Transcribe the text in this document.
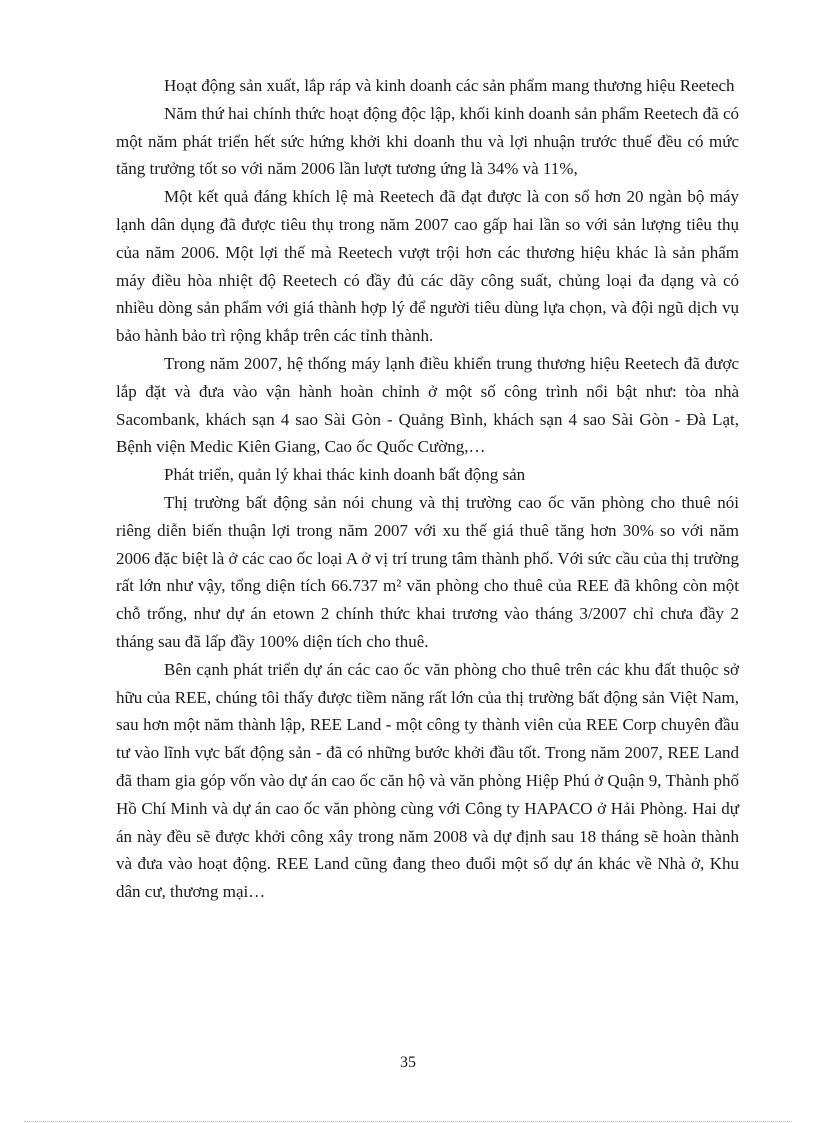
Hoạt động sản xuất, lắp ráp và kinh doanh các sản phẩm mang thương hiệu Reetech

Năm thứ hai chính thức hoạt động độc lập, khối kinh doanh sản phẩm Reetech đã có một năm phát triển hết sức hứng khởi khi doanh thu và lợi nhuận trước thuế đều có mức tăng trưởng tốt so với năm 2006 lần lượt tương ứng là 34% và 11%,

Một kết quả đáng khích lệ mà Reetech đã đạt được là con số hơn 20 ngàn bộ máy lạnh dân dụng đã được tiêu thụ trong năm 2007 cao gấp hai lần so với sản lượng tiêu thụ của năm 2006. Một lợi thế mà Reetech vượt trội hơn các thương hiệu khác là sản phẩm máy điều hòa nhiệt độ Reetech có đầy đủ các dãy công suất, chủng loại đa dạng và có nhiều dòng sản phẩm với giá thành hợp lý để người tiêu dùng lựa chọn, và đội ngũ dịch vụ bảo hành bảo trì rộng khắp trên các tỉnh thành.

Trong năm 2007, hệ thống máy lạnh điều khiển trung thương hiệu Reetech đã được lắp đặt và đưa vào vận hành hoàn chỉnh ở một số công trình nổi bật như: tòa nhà Sacombank, khách sạn 4 sao Sài Gòn - Quảng Bình, khách sạn 4 sao Sài Gòn - Đà Lạt, Bệnh viện Medic Kiên Giang, Cao ốc Quốc Cường,…

Phát triển, quản lý khai thác kinh doanh bất động sản

Thị trường bất động sản nói chung và thị trường cao ốc văn phòng cho thuê nói riêng diễn biến thuận lợi trong năm 2007 với xu thế giá thuê tăng hơn 30% so với năm 2006 đặc biệt là ở các cao ốc loại A ở vị trí trung tâm thành phố. Với sức cầu của thị trường rất lớn như vậy, tổng diện tích 66.737 m² văn phòng cho thuê của REE đã không còn một chỗ trống, như dự án etown 2 chính thức khai trương vào tháng 3/2007 chỉ chưa đầy 2 tháng sau đã lấp đầy 100% diện tích cho thuê.

Bên cạnh phát triển dự án các cao ốc văn phòng cho thuê trên các khu đất thuộc sở hữu của REE, chúng tôi thấy được tiềm năng rất lớn của thị trường bất động sản Việt Nam, sau hơn một năm thành lập, REE Land - một công ty thành viên của REE Corp chuyên đầu tư vào lĩnh vực bất động sản - đã có những bước khởi đầu tốt. Trong năm 2007, REE Land đã tham gia góp vốn vào dự án cao ốc căn hộ và văn phòng Hiệp Phú ở Quận 9, Thành phố Hồ Chí Minh và dự án cao ốc văn phòng cùng với Công ty HAPACO ở Hải Phòng. Hai dự án này đều sẽ được khởi công xây trong năm 2008 và dự định sau 18 tháng sẽ hoàn thành và đưa vào hoạt động. REE Land cũng đang theo đuổi một số dự án khác về Nhà ở, Khu dân cư, thương mại…

35
